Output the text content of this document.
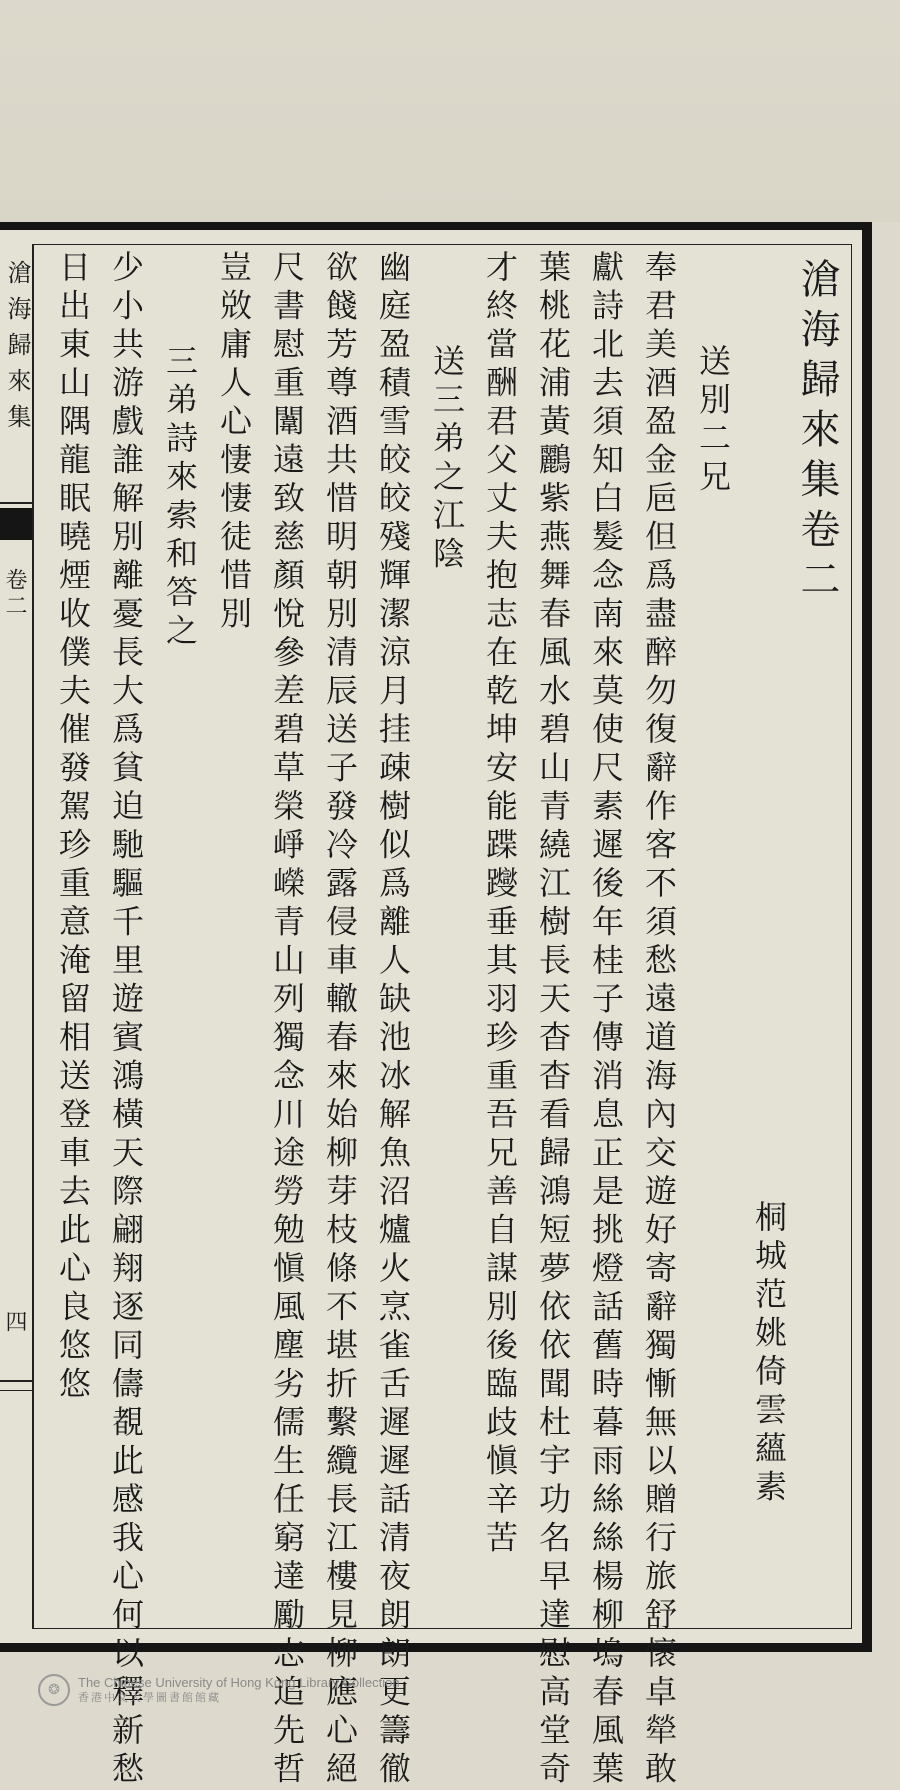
滄海歸來集
卷二
四
滄海歸來集卷二
桐城范姚倚雲蘊素
送別二兄
奉君美酒盈金巵但爲盡醉勿復辭作客不須愁遠道海內交遊好寄辭獨慚無以贈行旅舒懷卓犖敢
獻詩北去須知白髮念南來莫使尺素遲後年桂子傳消息正是挑燈話舊時暮雨絲絲楊柳塢春風葉
葉桃花浦黃鸝紫燕舞春風水碧山青繞江樹長天杳杳看歸鴻短夢依依聞杜宇功名早達慰高堂奇
才終當酬君父丈夫抱志在乾坤安能蹀躞垂其羽珍重吾兄善自謀別後臨歧愼辛苦
送三弟之江陰
幽庭盈積雪皎皎殘輝潔涼月挂疎樹似爲離人缺池冰解魚沼爐火烹雀舌遲遲話清夜朗朗更籌徹
欲餞芳尊酒共惜明朝別清辰送子發冷露侵車轍春來始柳芽枝條不堪折繫纜長江樓見柳應心絕
尺書慰重闈遠致慈顏悅參差碧草榮崢嶸青山列獨念川途勞勉愼風塵劣儒生任窮達勵志追先哲
豈敚庸人心悽悽徒惜別
三弟詩來索和答之
少小共游戲誰解別離憂長大爲貧迫馳驅千里遊賓鴻橫天際翩翔逐同儔覩此感我心何以釋新愁
日出東山隅龍眠曉煙收僕夫催發駕珍重意淹留相送登車去此心良悠悠
❂	The Chinese University of Hong Kong Library Collection
香港中文大學圖書館館藏
